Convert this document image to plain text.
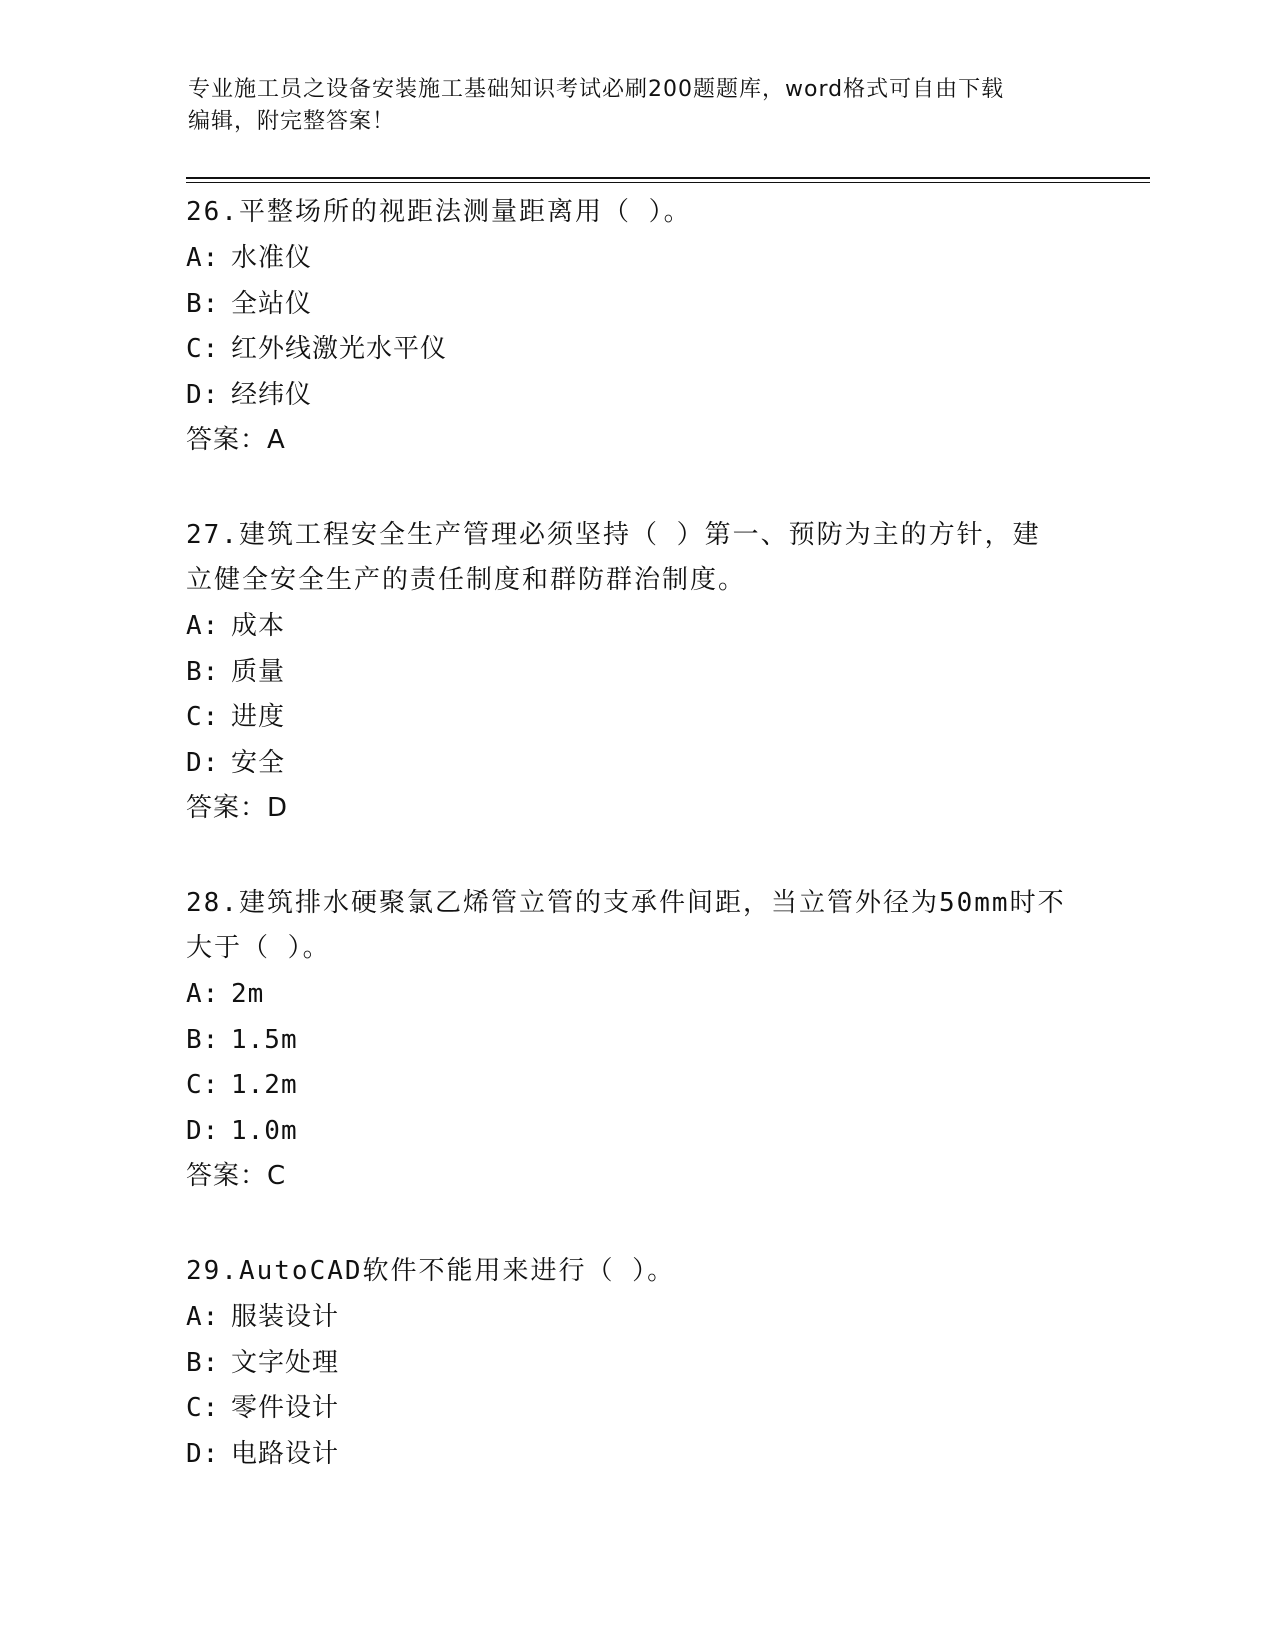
专业施工员之设备安装施工基础知识考试必刷200题题库，word格式可自由下载
编辑，附完整答案！
26.平整场所的视距法测量距离用（ ）。
A: 水准仪
B: 全站仪
C: 红外线激光水平仪
D: 经纬仪
答案：A
27.建筑工程安全生产管理必须坚持（ ）第一、预防为主的方针，建立健全安全生产的责任制度和群防群治制度。
A: 成本
B: 质量
C: 进度
D: 安全
答案：D
28.建筑排水硬聚氯乙烯管立管的支承件间距，当立管外径为50mm时不大于（ ）。
A: 2m
B: 1.5m
C: 1.2m
D: 1.0m
答案：C
29.AutoCAD软件不能用来进行（ ）。
A: 服装设计
B: 文字处理
C: 零件设计
D: 电路设计
